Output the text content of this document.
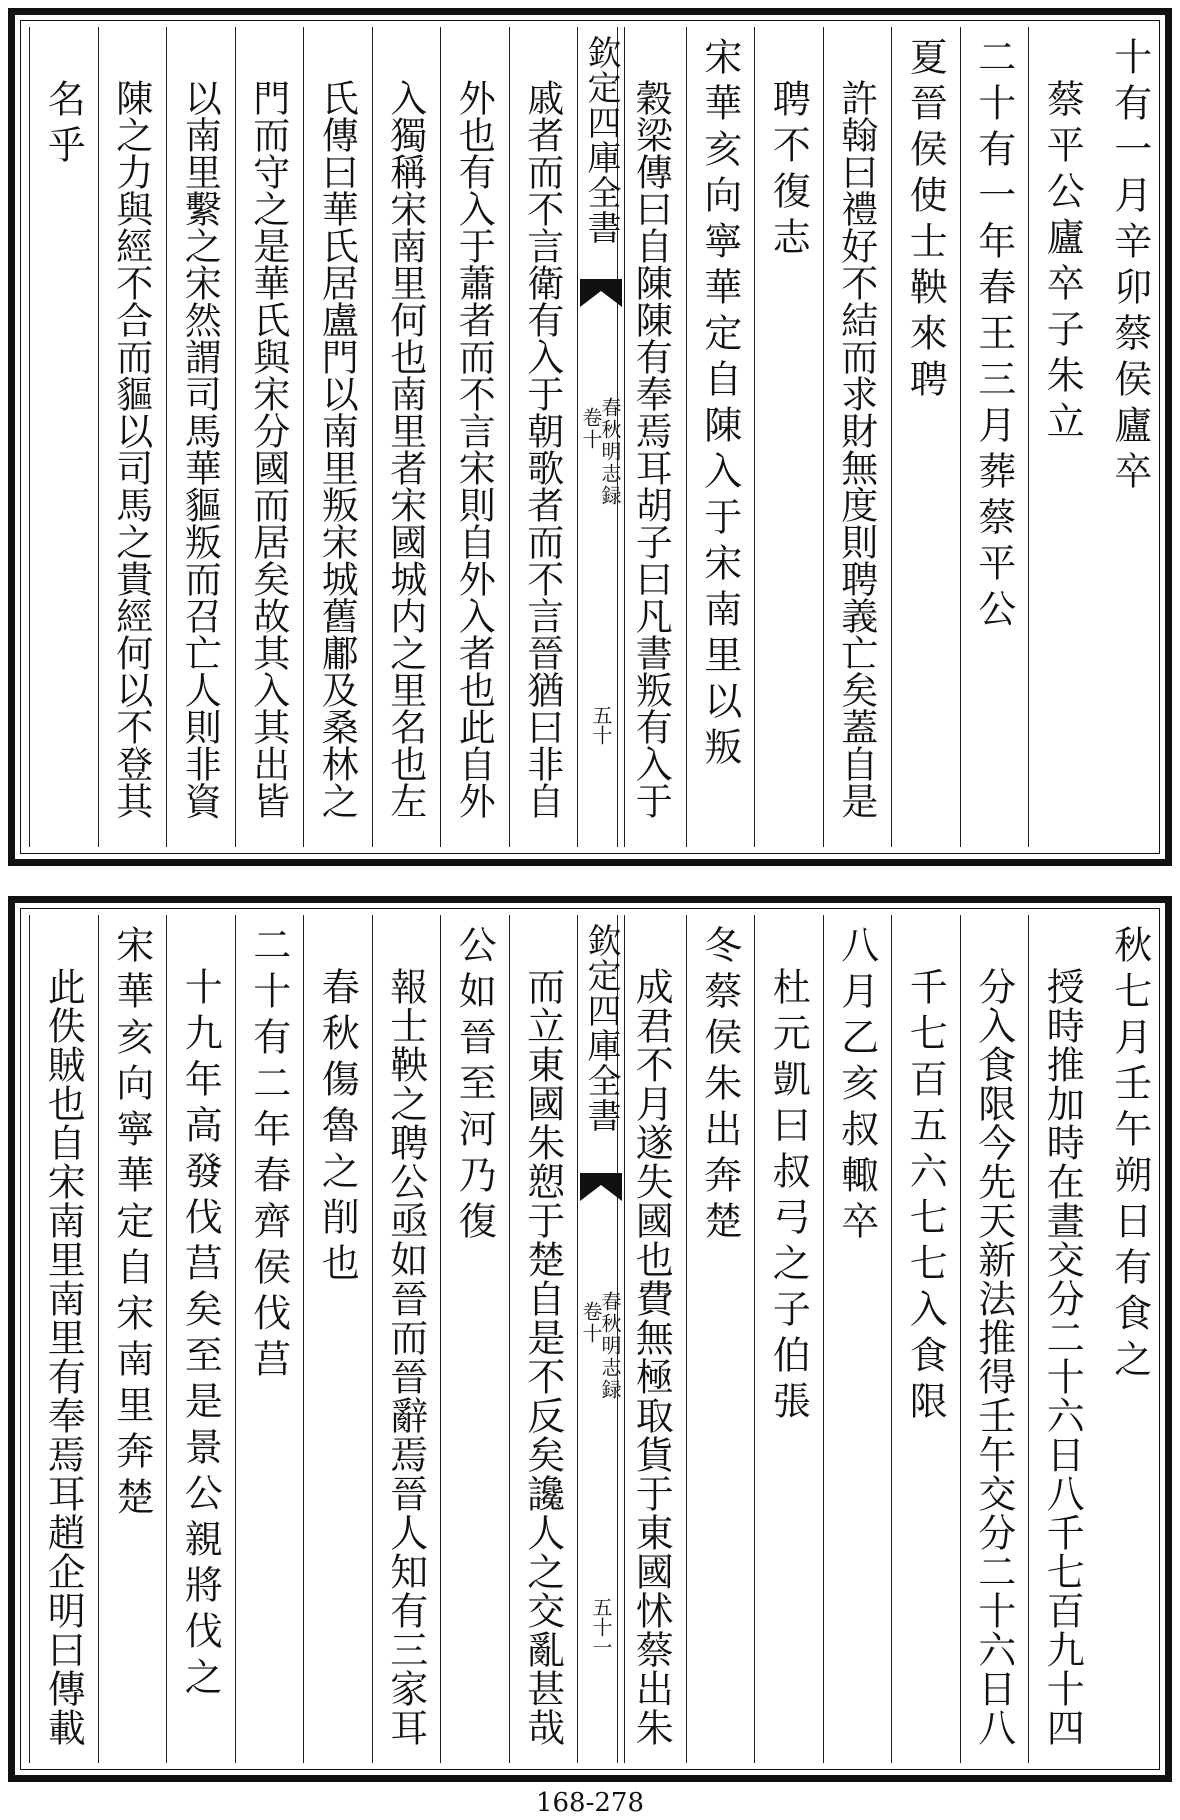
十有一月辛卯蔡侯廬卒
蔡平公廬卒子朱立
二十有一年春王三月葬蔡平公
夏晉侯使士鞅來聘
許翰曰禮好不結而求財無度則聘義亡矣蓋自是
聘不復志
宋華亥向寧華定自陳入于宋南里以叛
穀梁傳曰自陳陳有奉焉耳胡子曰凡書叛有入于
戚者而不言衛有入于朝歌者而不言晉猶曰非自
外也有入于蕭者而不言宋則自外入者也此自外
入獨稱宋南里何也南里者宋國城内之里名也左
氏傳曰華氏居盧門以南里叛宋城舊鄘及桑林之
門而守之是華氏與宋分國而居矣故其入其出皆
以南里繫之宋然謂司馬華貙叛而召亡人則非資
陳之力與經不合而貙以司馬之貴經何以不登其
名乎	欽定四庫全書
春秋明志録
卷十
五十
秋七月壬午朔日有食之
授時推加時在晝交分二十六日八千七百九十四
分入食限今先天新法推得壬午交分二十六日八
千七百五六七七入食限
八月乙亥叔輙卒
杜元凱曰叔弓之子伯張
冬蔡侯朱出奔楚
成君不月遂失國也費無極取貨于東國怵蔡出朱
而立東國朱愬于楚自是不反矣讒人之交亂甚哉
公如晉至河乃復
報士鞅之聘公亟如晉而晉辭焉晉人知有三家耳
春秋傷魯之削也
二十有二年春齊侯伐莒
十九年高發伐莒矣至是景公親將伐之
宋華亥向寧華定自宋南里奔楚
此佚賊也自宋南里南里有奉焉耳趙企明曰傳載	欽定四庫全書
春秋明志録
卷十
五十一
168-278
